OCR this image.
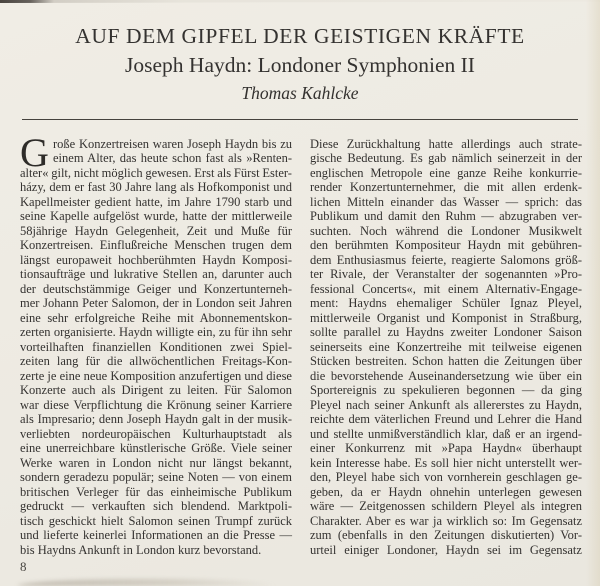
AUF DEM GIPFEL DER GEISTIGEN KRÄFTE
Joseph Haydn: Londoner Symphonien II
Thomas Kahlcke
G roße Konzertreisen waren Joseph Haydn bis zu
einem Alter, das heute schon fast als »Renten-
alter« gilt, nicht möglich gewesen. Erst als Fürst Ester-
házy, dem er fast 30 Jahre lang als Hofkomponist und
Kapellmeister gedient hatte, im Jahre 1790 starb und
seine Kapelle aufgelöst wurde, hatte der mittlerweile
58jährige Haydn Gelegenheit, Zeit und Muße für
Konzertreisen. Einflußreiche Menschen trugen dem
längst europaweit hochberühmten Haydn Komposi-
tionsaufträge und lukrative Stellen an, darunter auch
der deutschstämmige Geiger und Konzertunterneh-
mer Johann Peter Salomon, der in London seit Jahren
eine sehr erfolgreiche Reihe mit Abonnementskon-
zerten organisierte. Haydn willigte ein, zu für ihn sehr
vorteilhaften finanziellen Konditionen zwei Spiel-
zeiten lang für die allwöchentlichen Freitags-Kon-
zerte je eine neue Komposition anzufertigen und diese
Konzerte auch als Dirigent zu leiten. Für Salomon
war diese Verpflichtung die Krönung seiner Karriere
als Impresario; denn Joseph Haydn galt in der musik-
verliebten nordeuropäischen Kulturhauptstadt als
eine unerreichbare künstlerische Größe. Viele seiner
Werke waren in London nicht nur längst bekannt,
sondern geradezu populär; seine Noten — von einem
britischen Verleger für das einheimische Publikum
gedruckt — verkauften sich blendend. Marktpoli-
tisch geschickt hielt Salomon seinen Trumpf zurück
und lieferte keinerlei Informationen an die Presse —
bis Haydns Ankunft in London kurz bevorstand.
Diese Zurückhaltung hatte allerdings auch strate-
gische Bedeutung. Es gab nämlich seinerzeit in der
englischen Metropole eine ganze Reihe konkurrie-
render Konzertunternehmer, die mit allen erdenk-
lichen Mitteln einander das Wasser — sprich: das
Publikum und damit den Ruhm — abzugraben ver-
suchten. Noch während die Londoner Musikwelt
den berühmten Kompositeur Haydn mit gebühren-
dem Enthusiasmus feierte, reagierte Salomons größ-
ter Rivale, der Veranstalter der sogenannten »Pro-
fessional Concerts«, mit einem Alternativ-Engage-
ment: Haydns ehemaliger Schüler Ignaz Pleyel,
mittlerweile Organist und Komponist in Straßburg,
sollte parallel zu Haydns zweiter Londoner Saison
seinerseits eine Konzertreihe mit teilweise eigenen
Stücken bestreiten. Schon hatten die Zeitungen über
die bevorstehende Auseinandersetzung wie über ein
Sportereignis zu spekulieren begonnen — da ging
Pleyel nach seiner Ankunft als allererstes zu Haydn,
reichte dem väterlichen Freund und Lehrer die Hand
und stellte unmißverständlich klar, daß er an irgend-
einer Konkurrenz mit »Papa Haydn« überhaupt
kein Interesse habe. Es soll hier nicht unterstellt wer-
den, Pleyel habe sich von vornherein geschlagen ge-
geben, da er Haydn ohnehin unterlegen gewesen
wäre — Zeitgenossen schildern Pleyel als integren
Charakter. Aber es war ja wirklich so: Im Gegensatz
zum (ebenfalls in den Zeitungen diskutierten) Vor-
urteil einiger Londoner, Haydn sei im Gegensatz
8
